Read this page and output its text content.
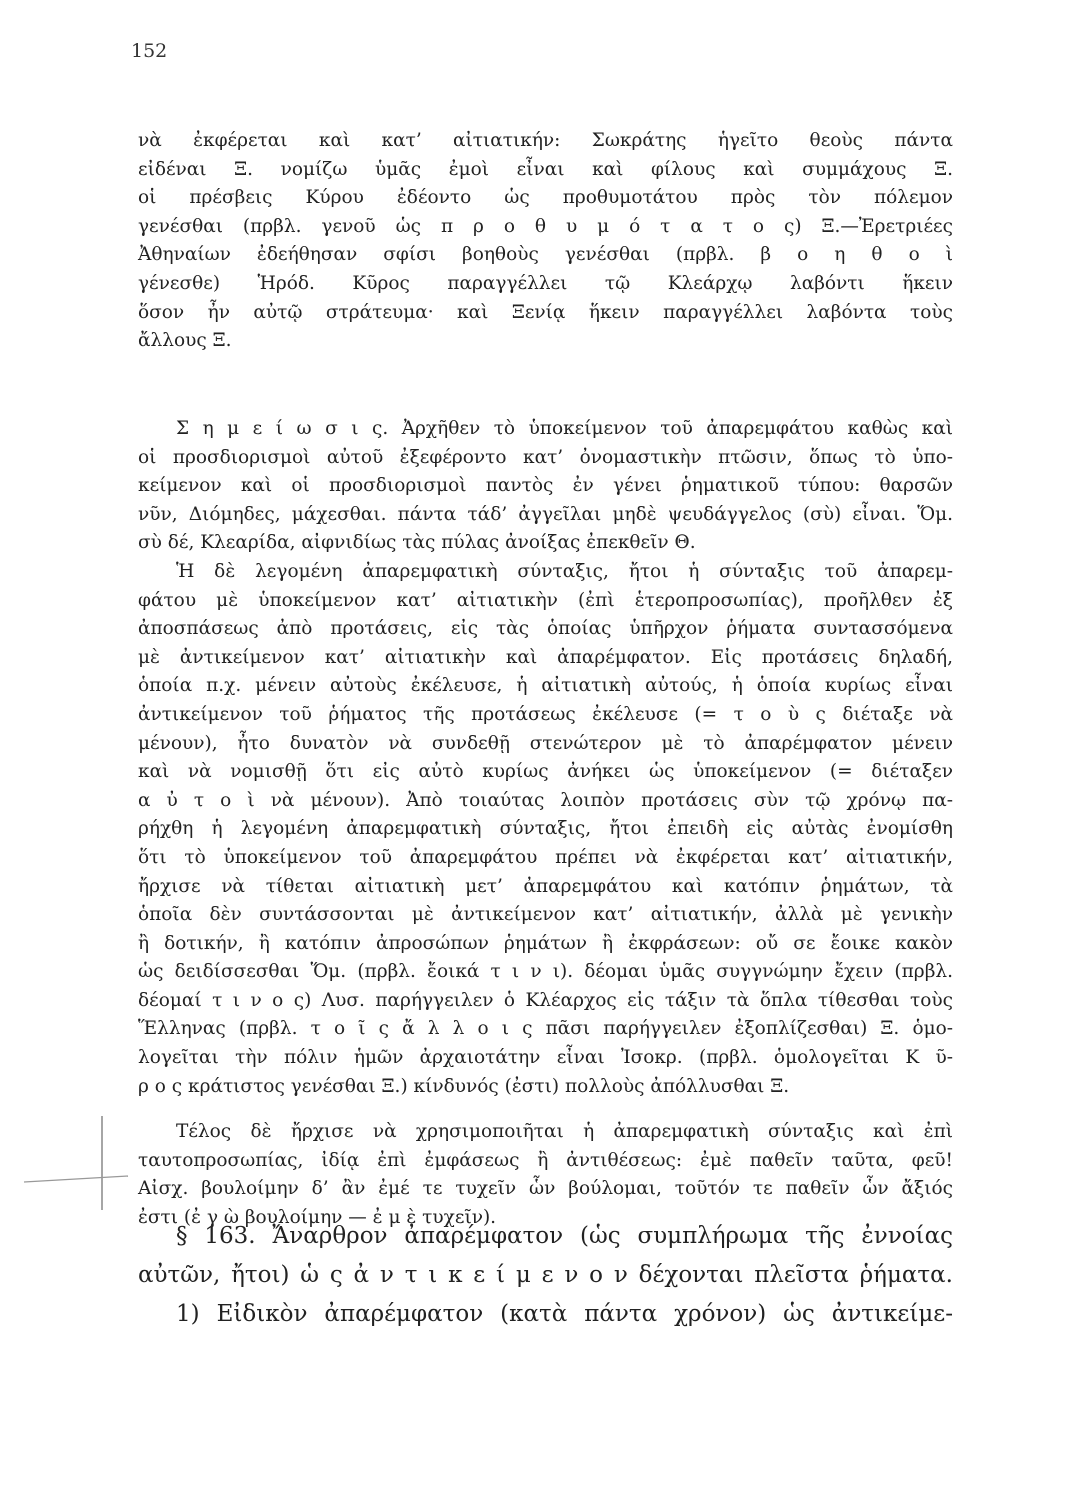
152
νὰ ἐκφέρεται καὶ κατ’ αἰτιατικήν: Σωκράτης ἡγεῖτο θεοὺς πάντα
εἰδέναι Ξ. νομίζω ὑμᾶς ἐμοὶ εἶναι καὶ φίλους καὶ συμμάχους Ξ.
οἱ πρέσβεις Κύρου ἐδέοντο ὡς προθυμοτάτου πρὸς τὸν πόλεμον
γενέσθαι (πρβλ. γενοῦ ὡς π ρ ο θ υ μ ό τ α τ ο ς) Ξ.—Ἐρετριέες
Ἀθηναίων ἐδεήθησαν σφίσι βοηθοὺς γενέσθαι (πρβλ. β ο η θ ο ὶ
γένεσθε) Ἡρόδ. Κῦρος παραγγέλλει τῷ Κλεάρχῳ λαβόντι ἥκειν
ὅσον ἦν αὐτῷ στράτευμα· καὶ Ξενίᾳ ἥκειν παραγγέλλει λαβόντα τοὺς
ἄλλους Ξ.
Σ η μ ε ί ω σ ι ς. Ἀρχῆθεν τὸ ὑποκείμενον τοῦ ἀπαρεμφάτου καθὼς καὶ
οἱ προσδιορισμοὶ αὐτοῦ ἐξεφέροντο κατ’ ὀνομαστικὴν πτῶσιν, ὅπως τὸ ὑπο-
κείμενον καὶ οἱ προσδιορισμοὶ παντὸς ἐν γένει ῥηματικοῦ τύπου: θαρσῶν
νῦν, Διόμηδες, μάχεσθαι. πάντα τάδ’ ἀγγεῖλαι μηδὲ ψευδάγγελος (σὺ) εἶναι. Ὅμ.
σὺ δέ, Κλεαρίδα, αἰφνιδίως τὰς πύλας ἀνοίξας ἐπεκθεῖν Θ.
Ἡ δὲ λεγομένη ἀπαρεμφατικὴ σύνταξις, ἤτοι ἡ σύνταξις τοῦ ἀπαρεμ-
φάτου μὲ ὑποκείμενον κατ’ αἰτιατικὴν (ἐπὶ ἑτεροπροσωπίας), προῆλθεν ἐξ
ἀποσπάσεως ἀπὸ προτάσεις, εἰς τὰς ὁποίας ὑπῆρχον ῥήματα συντασσόμενα
μὲ ἀντικείμενον κατ’ αἰτιατικὴν καὶ ἀπαρέμφατον. Εἰς προτάσεις δηλαδή,
ὁποία π.χ. μένειν αὐτοὺς ἐκέλευσε, ἡ αἰτιατικὴ αὐτούς, ἡ ὁποία κυρίως εἶναι
ἀντικείμενον τοῦ ῥήματος τῆς προτάσεως ἐκέλευσε (= τ ο ὺ ς διέταξε νὰ
μένουν), ἦτο δυνατὸν νὰ συνδεθῇ στενώτερον μὲ τὸ ἀπαρέμφατον μένειν
καὶ νὰ νομισθῇ ὅτι εἰς αὐτὸ κυρίως ἀνήκει ὡς ὑποκείμενον (= διέταξεν
α ὐ τ ο ὶ νὰ μένουν). Ἀπὸ τοιαύτας λοιπὸν προτάσεις σὺν τῷ χρόνῳ πα-
ρήχθη ἡ λεγομένη ἀπαρεμφατικὴ σύνταξις, ἤτοι ἐπειδὴ εἰς αὐτὰς ἐνομίσθη
ὅτι τὸ ὑποκείμενον τοῦ ἀπαρεμφάτου πρέπει νὰ ἐκφέρεται κατ’ αἰτιατικήν,
ἤρχισε νὰ τίθεται αἰτιατικὴ μετ’ ἀπαρεμφάτου καὶ κατόπιν ῥημάτων, τὰ
ὁποῖα δὲν συντάσσονται μὲ ἀντικείμενον κατ’ αἰτιατικήν, ἀλλὰ μὲ γενικὴν
ἢ δοτικήν, ἢ κατόπιν ἀπροσώπων ῥημάτων ἢ ἐκφράσεων: οὔ σε ἔοικε κακὸν
ὡς δειδίσσεσθαι Ὅμ. (πρβλ. ἔοικά τ ι ν ι). δέομαι ὑμᾶς συγγνώμην ἔχειν (πρβλ.
δέομαί τ ι ν ο ς) Λυσ. παρήγγειλεν ὁ Κλέαρχος εἰς τάξιν τὰ ὅπλα τίθεσθαι τοὺς
Ἕλληνας (πρβλ. τ ο ῖ ς ἄ λ λ ο ι ς πᾶσι παρήγγειλεν ἐξοπλίζεσθαι) Ξ. ὁμο-
λογεῖται τὴν πόλιν ἡμῶν ἀρχαιοτάτην εἶναι Ἰσοκρ. (πρβλ. ὁμολογεῖται Κ ῦ-
ρ ο ς κράτιστος γενέσθαι Ξ.) κίνδυνός (ἐστι) πολλοὺς ἀπόλλυσθαι Ξ.
Τέλος δὲ ἤρχισε νὰ χρησιμοποιῆται ἡ ἀπαρεμφατικὴ σύνταξις καὶ ἐπὶ
ταυτοπροσωπίας, ἰδίᾳ ἐπὶ ἐμφάσεως ἢ ἀντιθέσεως: ἐμὲ παθεῖν ταῦτα, φεῦ!
Αἰσχ. βουλοίμην δ’ ἂν ἐμέ τε τυχεῖν ὧν βούλομαι, τοῦτόν τε παθεῖν ὧν ἄξιός
ἐστι (ἐ γ ὼ βουλοίμην — ἐ μ ὲ τυχεῖν).
§ 163. Ἄναρθρον ἀπαρέμφατον (ὡς συμπλήρωμα τῆς ἐννοίας
αὐτῶν, ἤτοι) ὡ ς ἀ ν τ ι κ ε ί μ ε ν ο ν δέχονται πλεῖστα ῥήματα.
1) Εἰδικὸν ἀπαρέμφατον (κατὰ πάντα χρόνον) ὡς ἀντικείμε-
